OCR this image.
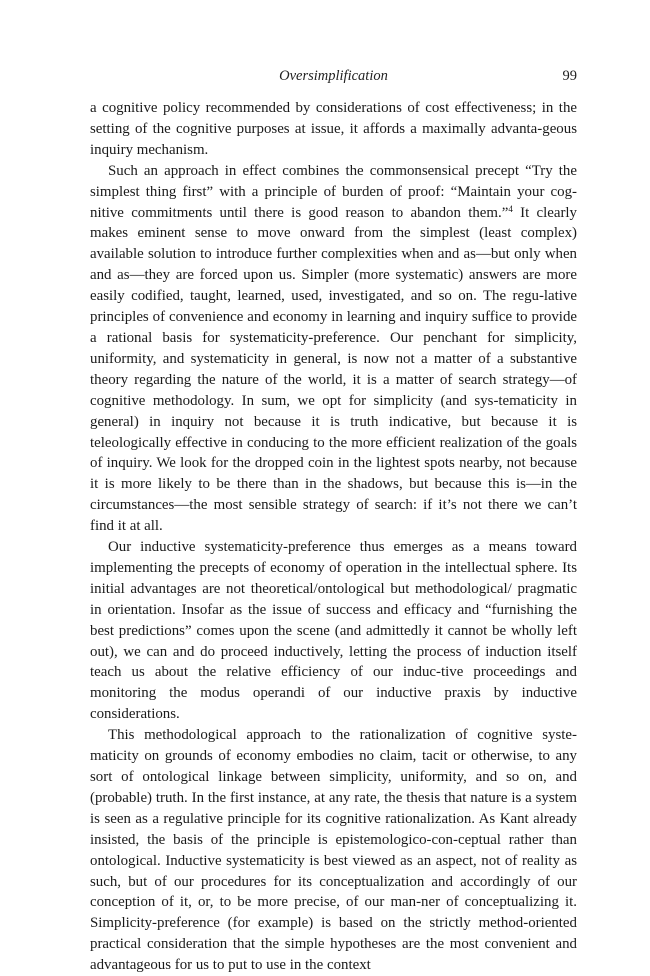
Oversimplification	99

a cognitive policy recommended by considerations of cost effectiveness; in the setting of the cognitive purposes at issue, it affords a maximally advanta-geous inquiry mechanism.

Such an approach in effect combines the commonsensical precept “Try the simplest thing first” with a principle of burden of proof: “Maintain your cog-nitive commitments until there is good reason to abandon them.”$^4$ It clearly makes eminent sense to move onward from the simplest (least complex) available solution to introduce further complexities when and as—but only when and as—they are forced upon us. Simpler (more systematic) answers are more easily codified, taught, learned, used, investigated, and so on. The regu-lative principles of convenience and economy in learning and inquiry suffice to provide a rational basis for systematicity-preference. Our penchant for simplicity, uniformity, and systematicity in general, is now not a matter of a substantive theory regarding the nature of the world, it is a matter of search strategy—of cognitive methodology. In sum, we opt for simplicity (and sys-tematicity in general) in inquiry not because it is truth indicative, but because it is teleologically effective in conducing to the more efficient realization of the goals of inquiry. We look for the dropped coin in the lightest spots nearby, not because it is more likely to be there than in the shadows, but because this is—in the circumstances—the most sensible strategy of search: if it’s not there we can’t find it at all.

Our inductive systematicity-preference thus emerges as a means toward implementing the precepts of economy of operation in the intellectual sphere. Its initial advantages are not theoretical/ontological but methodological/ pragmatic in orientation. Insofar as the issue of success and efficacy and “furnishing the best predictions” comes upon the scene (and admittedly it cannot be wholly left out), we can and do proceed inductively, letting the process of induction itself teach us about the relative efficiency of our induc-tive proceedings and monitoring the modus operandi of our inductive praxis by inductive considerations.

This methodological approach to the rationalization of cognitive syste-maticity on grounds of economy embodies no claim, tacit or otherwise, to any sort of ontological linkage between simplicity, uniformity, and so on, and (probable) truth. In the first instance, at any rate, the thesis that nature is a system is seen as a regulative principle for its cognitive rationalization. As Kant already insisted, the basis of the principle is epistemologico-con-ceptual rather than ontological. Inductive systematicity is best viewed as an aspect, not of reality as such, but of our procedures for its conceptualization and accordingly of our conception of it, or, to be more precise, of our man-ner of conceptualizing it. Simplicity-preference (for example) is based on the strictly method-oriented practical consideration that the simple hypotheses are the most convenient and advantageous for us to put to use in the context
